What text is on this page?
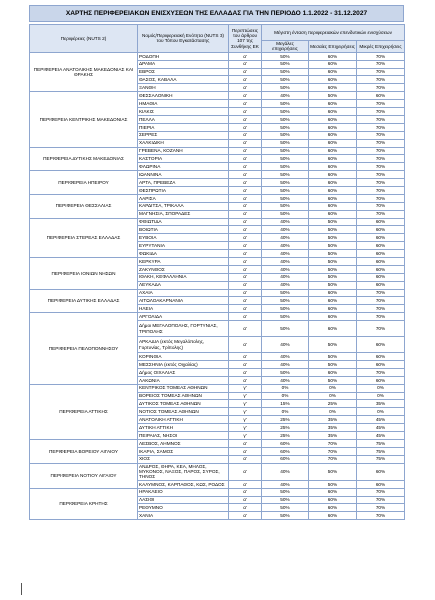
ΧΑΡΤΗΣ ΠΕΡΙΦΕΡΕΙΑΚΩΝ ΕΝΙΣΧΥΣΕΩΝ ΤΗΣ ΕΛΛΑΔΑΣ ΓΙΑ ΤΗΝ ΠΕΡΙΟΔΟ 1.1.2022 - 31.12.2027
Περιφέρειες (NUTS 2)	Νομός/Περιφερειακή Ενότητα (NUTS 3) του Τόπου Εγκατάστασης	Περιπτώσεις του άρθρου 107 της Συνθήκης ΕΚ	Μέγιστη ένταση περιφερειακών επενδυτικών ενισχύσεων		
			Μεγάλες επιχειρήσεις	Μεσαίες Επιχειρήσεις	Μικρές Επιχειρήσεις
ΠΕΡΙΦΕΡΕΙΑ ΑΝΑΤΟΛΙΚΗΣ ΜΑΚΕΔΟΝΙΑΣ ΚΑΙ ΘΡΑΚΗΣ	ΡΟΔΟΠΗ	α'	50%	60%	70%
	ΔΡΑΜΑ	α'	50%	60%	70%
	ΕΒΡΟΣ	α'	50%	60%	70%
	ΘΑΣΟΣ, ΚΑΒΑΛΑ	α'	50%	60%	70%
	ΞΑΝΘΗ	α'	50%	60%	70%
ΠΕΡΙΦΕΡΕΙΑ ΚΕΝΤΡΙΚΗΣ ΜΑΚΕΔΟΝΙΑΣ	ΘΕΣΣΑΛΟΝΙΚΗ	α'	40%	50%	60%
	ΗΜΑΘΙΑ	α'	50%	60%	70%
	ΚΙΛΚΙΣ	α'	50%	60%	70%
	ΠΕΛΛΑ	α'	50%	60%	70%
	ΠΙΕΡΙΑ	α'	50%	60%	70%
	ΣΕΡΡΕΣ	α'	50%	60%	70%
	ΧΑΛΚΙΔΙΚΗ	α'	50%	60%	70%
ΠΕΡΙΦΕΡΕΙΑ ΔΥΤΙΚΗΣ ΜΑΚΕΔΟΝΙΑΣ	ΓΡΕΒΕΝΑ, ΚΟΖΑΝΗ	α'	50%	60%	70%
	ΚΑΣΤΟΡΙΑ	α'	50%	60%	70%
	ΦΛΩΡΙΝΑ	α'	50%	60%	70%
ΠΕΡΙΦΕΡΕΙΑ ΗΠΕΙΡΟΥ	ΙΩΑΝΝΙΝΑ	α'	50%	60%	70%
	ΑΡΤΑ, ΠΡΕΒΕΖΑ	α'	50%	60%	70%
	ΘΕΣΠΡΩΤΙΑ	α'	50%	60%	70%
ΠΕΡΙΦΕΡΕΙΑ ΘΕΣΣΑΛΙΑΣ	ΛΑΡΙΣΑ	α'	50%	60%	70%
	ΚΑΡΔΙΤΣΑ, ΤΡΙΚΑΛΑ	α'	50%	60%	70%
	ΜΑΓΝΗΣΙΑ, ΣΠΟΡΑΔΕΣ	α'	50%	60%	70%
ΠΕΡΙΦΕΡΕΙΑ ΣΤΕΡΕΑΣ ΕΛΛΑΔΑΣ	ΦΘΙΩΤΙΔΑ	α'	40%	50%	60%
	ΒΟΙΩΤΙΑ	α'	40%	50%	60%
	ΕΥΒΟΙΑ	α'	40%	50%	60%
	ΕΥΡΥΤΑΝΙΑ	α'	40%	50%	60%
	ΦΩΚΙΔΑ	α'	40%	50%	60%
ΠΕΡΙΦΕΡΕΙΑ ΙΟΝΙΩΝ ΝΗΣΩΝ	ΚΕΡΚΥΡΑ	α'	40%	50%	60%
	ΖΑΚΥΝΘΟΣ	α'	40%	50%	60%
	ΙΘΑΚΗ, ΚΕΦΑΛΛΗΝΙΑ	α'	40%	50%	60%
	ΛΕΥΚΑΔΑ	α'	40%	50%	60%
ΠΕΡΙΦΕΡΕΙΑ ΔΥΤΙΚΗΣ ΕΛΛΑΔΑΣ	ΑΧΑΙΑ	α'	50%	60%	70%
	ΑΙΤΩΛΟΑΚΑΡΝΑΝΙΑ	α'	50%	60%	70%
	ΗΛΕΙΑ	α'	50%	60%	70%
ΠΕΡΙΦΕΡΕΙΑ ΠΕΛΟΠΟΝΝΗΣΟΥ	ΑΡΓΟΛΙΔΑ	α'	50%	60%	70%
	Δήμοι ΜΕΓΑΛΟΠΟΛΗΣ, ΓΟΡΤΥΝΙΑΣ, ΤΡΙΠΟΛΗΣ	α'	50%	60%	70%
	ΑΡΚΑΔΙΑ (εκτός Μεγαλόπολης, Γορτυνίας, Τρίπολης)	α'	40%	50%	60%
	ΚΟΡΙΝΘΙΑ	α'	40%	50%	60%
	ΜΕΣΣΗΝΙΑ (εκτός Οιχαλίας)	α'	40%	50%	60%
	Δήμος ΟΙΧΑΛΙΑΣ	α'	50%	60%	70%
	ΛΑΚΩΝΙΑ	α'	40%	50%	60%
ΠΕΡΙΦΕΡΕΙΑ ΑΤΤΙΚΗΣ	ΚΕΝΤΡΙΚΟΣ ΤΟΜΕΑΣ ΑΘΗΝΩΝ	γ'	0%	0%	0%
	ΒΟΡΕΙΟΣ ΤΟΜΕΑΣ ΑΘΗΝΩΝ	γ'	0%	0%	0%
	ΔΥΤΙΚΟΣ ΤΟΜΕΑΣ ΑΘΗΝΩΝ	γ'	15%	25%	35%
	ΝΟΤΙΟΣ ΤΟΜΕΑΣ ΑΘΗΝΩΝ	γ'	0%	0%	0%
	ΑΝΑΤΟΛΙΚΗ ΑΤΤΙΚΗ	γ'	25%	35%	45%
	ΔΥΤΙΚΗ ΑΤΤΙΚΗ	γ'	25%	35%	45%
	ΠΕΙΡΑΙΑΣ, ΝΗΣΟΙ	γ'	25%	35%	45%
ΠΕΡΙΦΕΡΕΙΑ ΒΟΡΕΙΟΥ ΑΙΓΑΙΟΥ	ΛΕΣΒΟΣ, ΛΗΜΝΟΣ	α'	60%	70%	75%
	ΙΚΑΡΙΑ, ΣΑΜΟΣ	α'	60%	70%	75%
	ΧΙΟΣ	α'	60%	70%	75%
ΠΕΡΙΦΕΡΕΙΑ ΝΟΤΙΟΥ ΑΙΓΑΙΟΥ	ΑΝΔΡΟΣ, ΘΗΡΑ, ΚΕΑ, ΜΗΛΟΣ, ΜΥΚΟΝΟΣ, ΝΑΞΟΣ, ΠΑΡΟΣ, ΣΥΡΟΣ, ΤΗΝΟΣ	α'	40%	50%	60%
	ΚΑΛΥΜΝΟΣ, ΚΑΡΠΑΘΟΣ, ΚΩΣ, ΡΟΔΟΣ	α'	40%	50%	60%
ΠΕΡΙΦΕΡΕΙΑ ΚΡΗΤΗΣ	ΗΡΑΚΛΕΙΟ	α'	50%	60%	70%
	ΛΑΣΙΘΙ	α'	50%	60%	70%
	ΡΕΘΥΜΝΟ	α'	50%	60%	70%
	ΧΑΝΙΑ	α'	50%	60%	70%
